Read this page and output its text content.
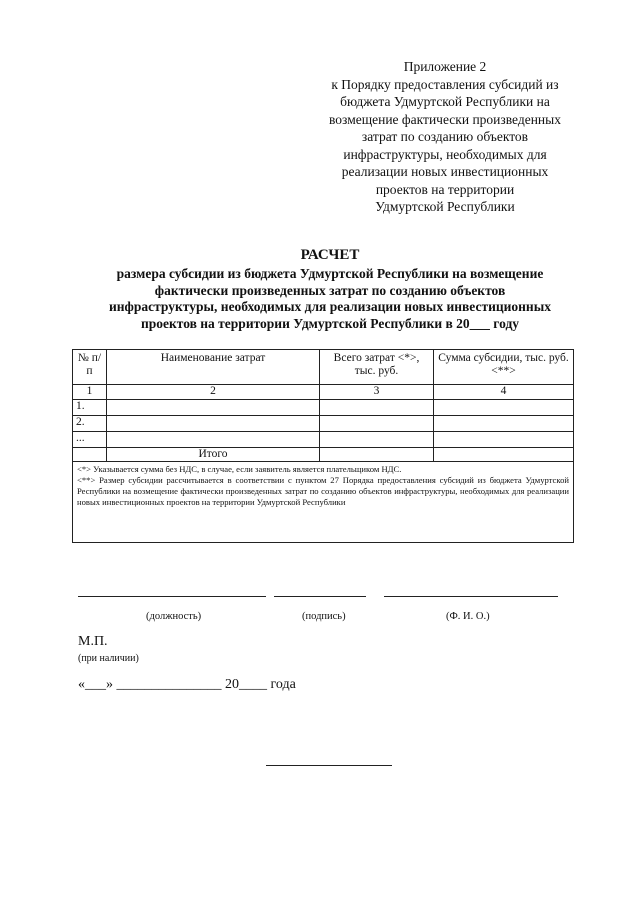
Приложение 2
к Порядку предоставления субсидий из
бюджета Удмуртской Республики на
возмещение фактически произведенных
затрат по созданию объектов
инфраструктуры, необходимых для
реализации новых инвестиционных
проектов на территории
Удмуртской Республики
РАСЧЕТ
размера субсидии из бюджета Удмуртской Республики на возмещение
фактически произведенных затрат по созданию объектов
инфраструктуры, необходимых для реализации новых инвестиционных
проектов на территории Удмуртской Республики в 20___ году
№ п/п	Наименование затрат	Всего затрат <*>, тыс. руб.	Сумма субсидии, тыс. руб. <**>
1	2	3	4
1.			
2.			
...			
	Итого		

<*> Указывается сумма без НДС, в случае, если заявитель является плательщиком НДС.
<**> Размер субсидии рассчитывается в соответствии с пунктом 27 Порядка предоставления субсидий из бюджета Удмуртской Республики на возмещение фактически произведенных затрат по созданию объектов инфраструктуры, необходимых для реализации новых инвестиционных проектов на территории Удмуртской Республики			
(должность)	(подпись)	(Ф. И. О.)
М.П.
(при наличии)
«___» _______________ 20____ года
